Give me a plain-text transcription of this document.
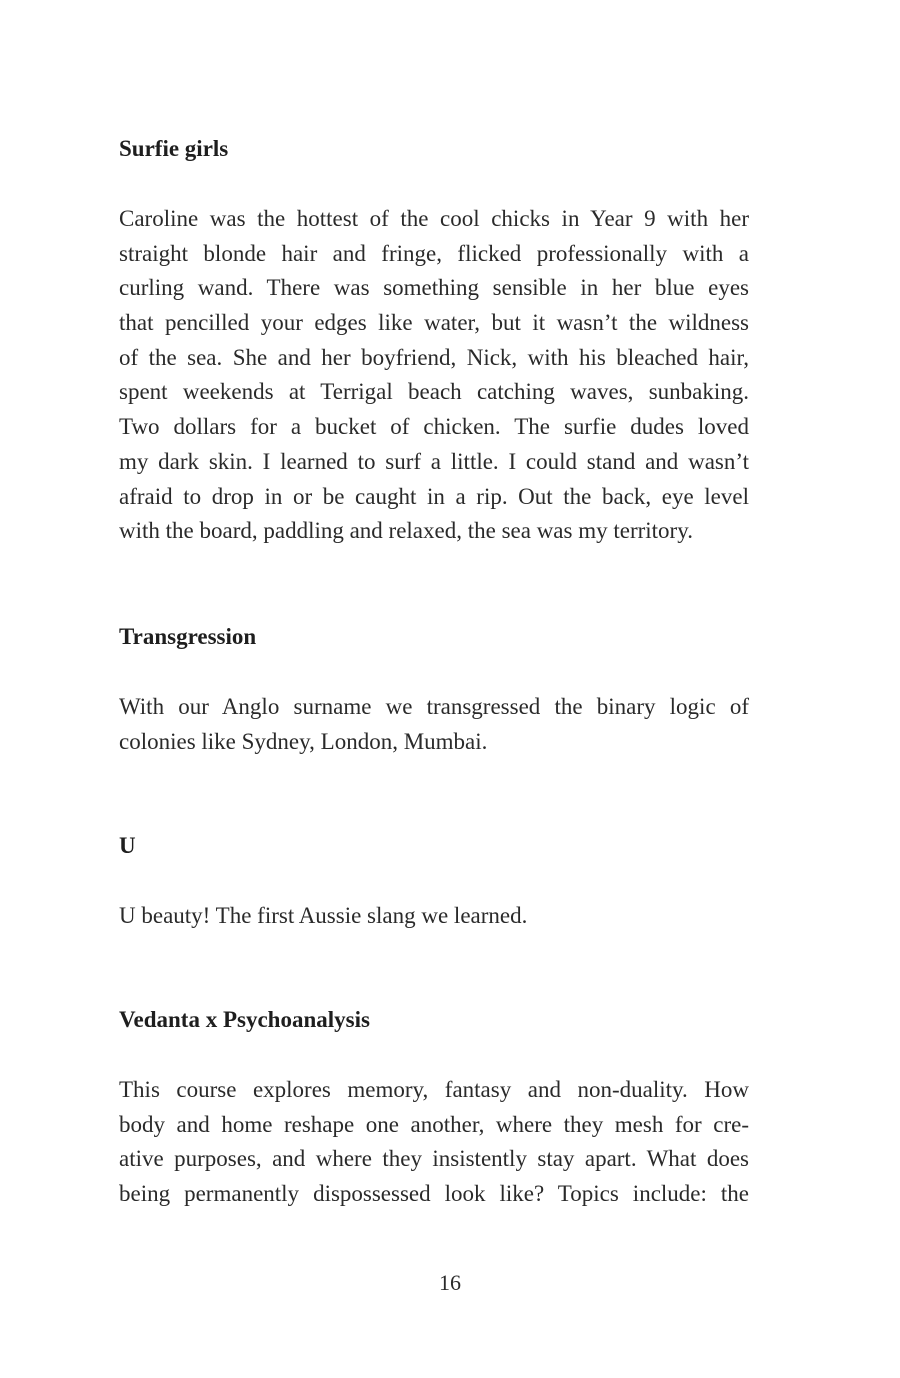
Surfie girls
Caroline was the hottest of the cool chicks in Year 9 with her
straight blonde hair and fringe, flicked professionally with a
curling wand. There was something sensible in her blue eyes
that pencilled your edges like water, but it wasn’t the wildness
of the sea. She and her boyfriend, Nick, with his bleached hair,
spent weekends at Terrigal beach catching waves, sunbaking.
Two dollars for a bucket of chicken. The surfie dudes loved
my dark skin. I learned to surf a little. I could stand and wasn’t
afraid to drop in or be caught in a rip. Out the back, eye level
with the board, paddling and relaxed, the sea was my territory.
Transgression
With our Anglo surname we transgressed the binary logic of
colonies like Sydney, London, Mumbai.
U
U beauty! The first Aussie slang we learned.
Vedanta x Psychoanalysis
This course explores memory, fantasy and non-duality. How
body and home reshape one another, where they mesh for cre-
ative purposes, and where they insistently stay apart. What does
being permanently dispossessed look like? Topics include: the
16
